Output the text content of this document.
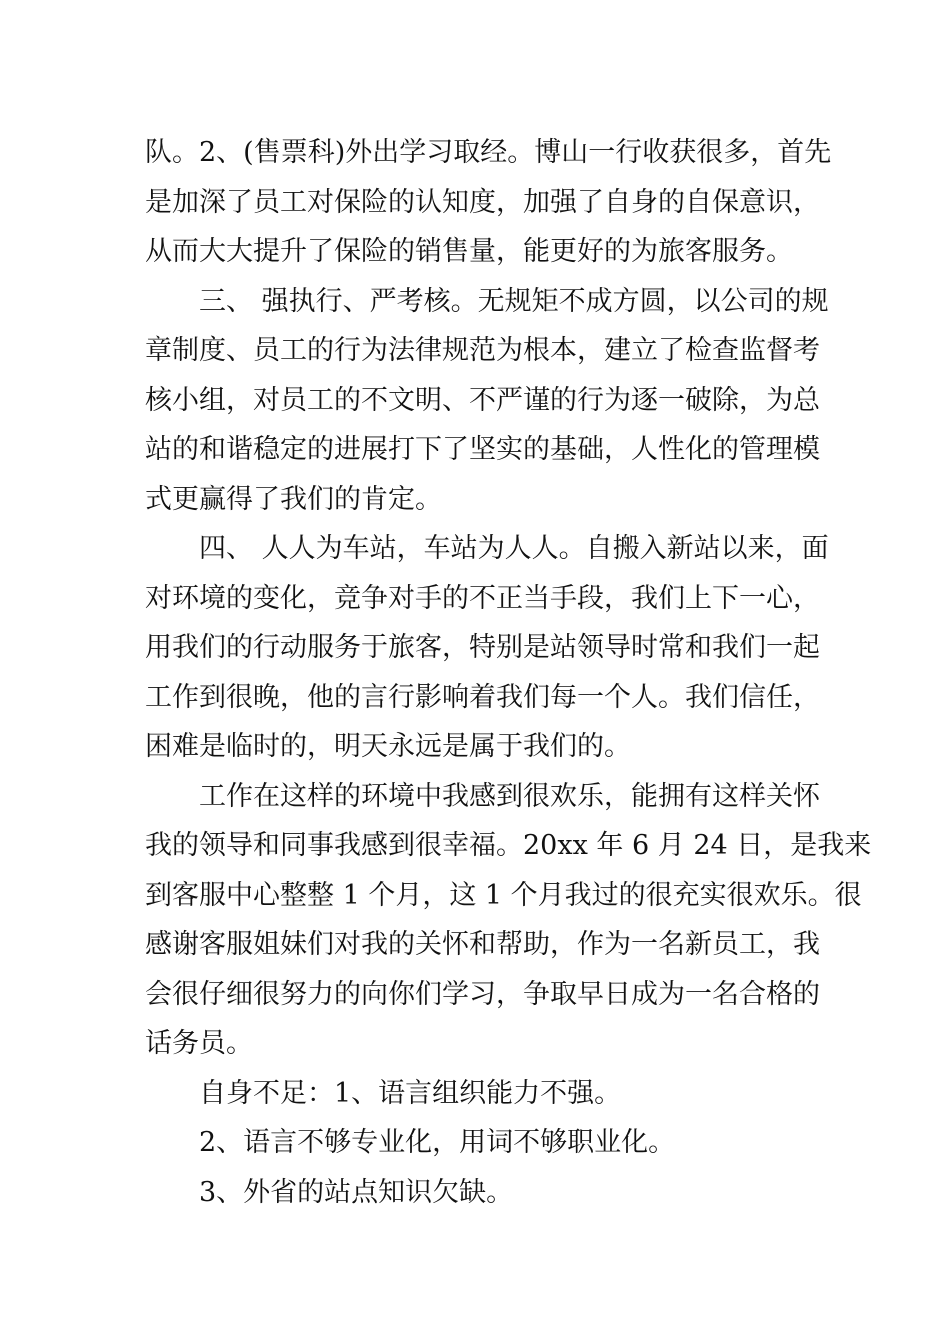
队。2、(售票科)外出学习取经。博山一行收获很多，首先
是加深了员工对保险的认知度，加强了自身的自保意识，
从而大大提升了保险的销售量，能更好的为旅客服务。
三、 强执行、严考核。无规矩不成方圆，以公司的规
章制度、员工的行为法律规范为根本，建立了检查监督考
核小组，对员工的不文明、不严谨的行为逐一破除，为总
站的和谐稳定的进展打下了坚实的基础，人性化的管理模
式更赢得了我们的肯定。
四、 人人为车站，车站为人人。自搬入新站以来，面
对环境的变化，竞争对手的不正当手段，我们上下一心，
用我们的行动服务于旅客，特别是站领导时常和我们一起
工作到很晚，他的言行影响着我们每一个人。我们信任，
困难是临时的，明天永远是属于我们的。
工作在这样的环境中我感到很欢乐，能拥有这样关怀
我的领导和同事我感到很幸福。20xx 年 6 月 24 日，是我来
到客服中心整整 1 个月，这 1 个月我过的很充实很欢乐。很
感谢客服姐妹们对我的关怀和帮助，作为一名新员工，我
会很仔细很努力的向你们学习，争取早日成为一名合格的
话务员。
自身不足：1、语言组织能力不强。
2、语言不够专业化，用词不够职业化。
3、外省的站点知识欠缺。
